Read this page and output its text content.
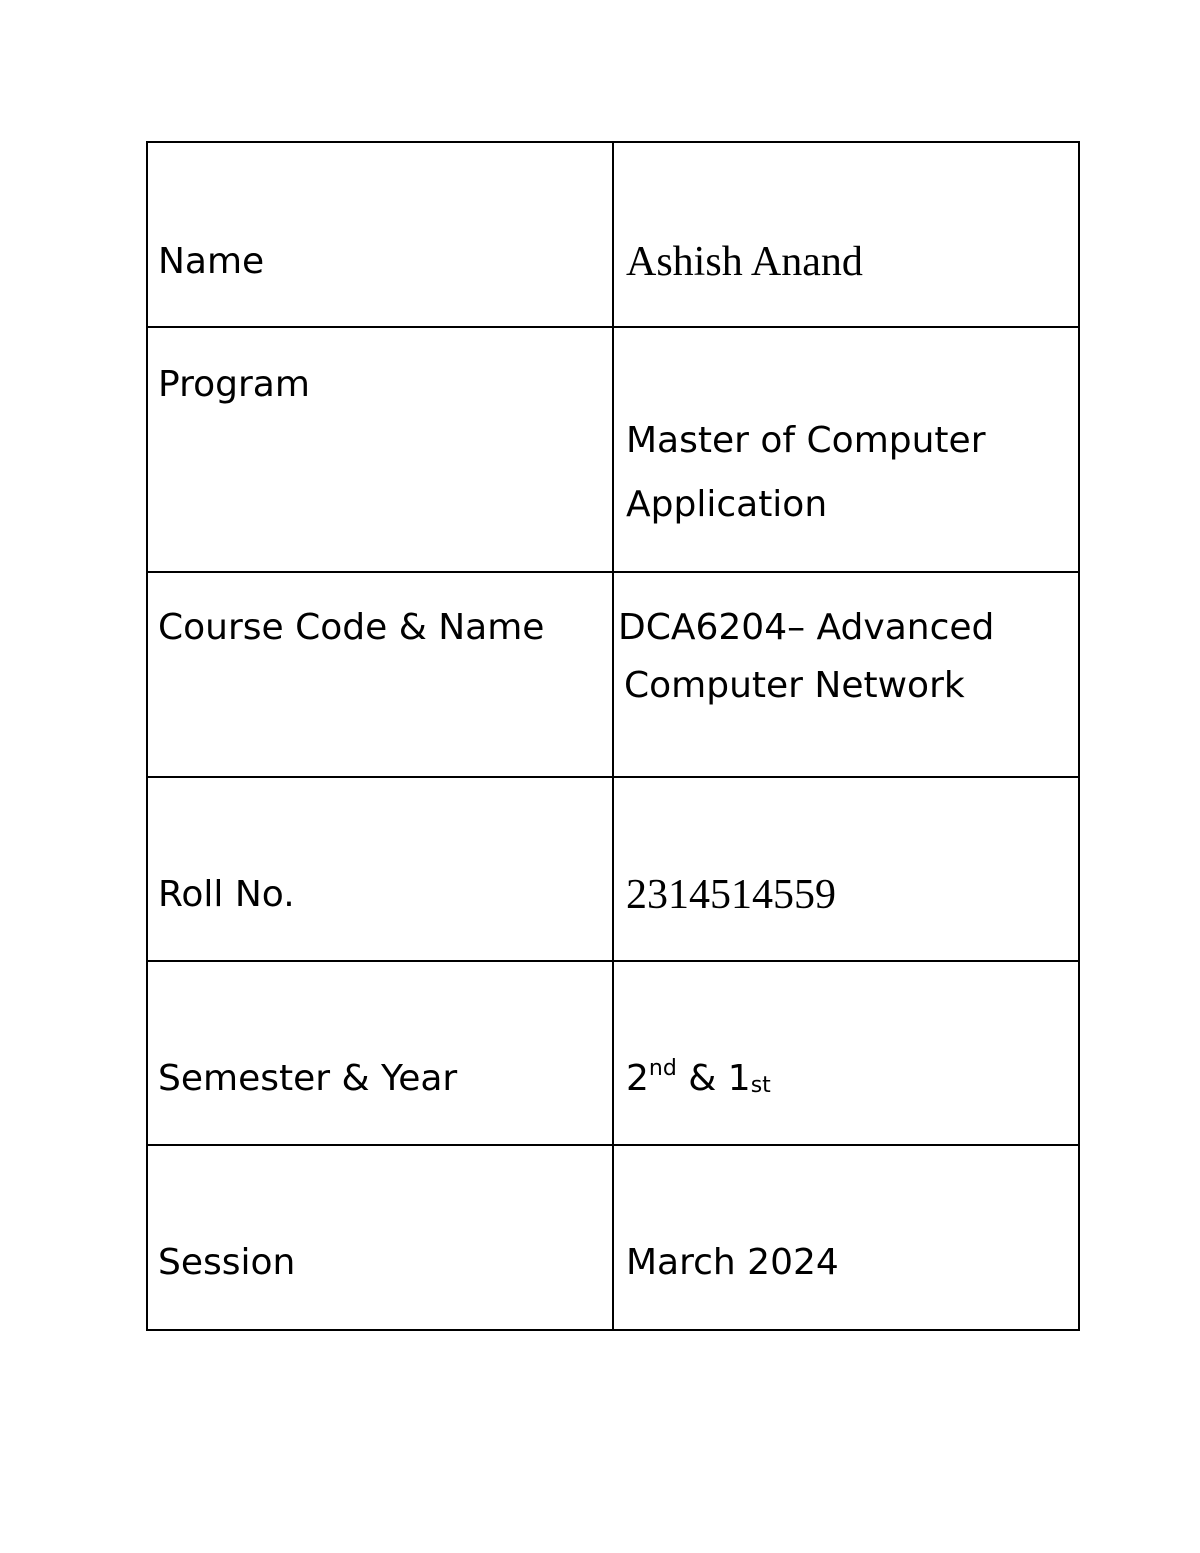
Name	Ashish Anand

Program	Master of Computer
Application

Course Code & Name	DCA6204– Advanced
Computer Network

Roll No.	2314514559

Semester & Year	2nd & $1_{st}$

Session	March 2024
